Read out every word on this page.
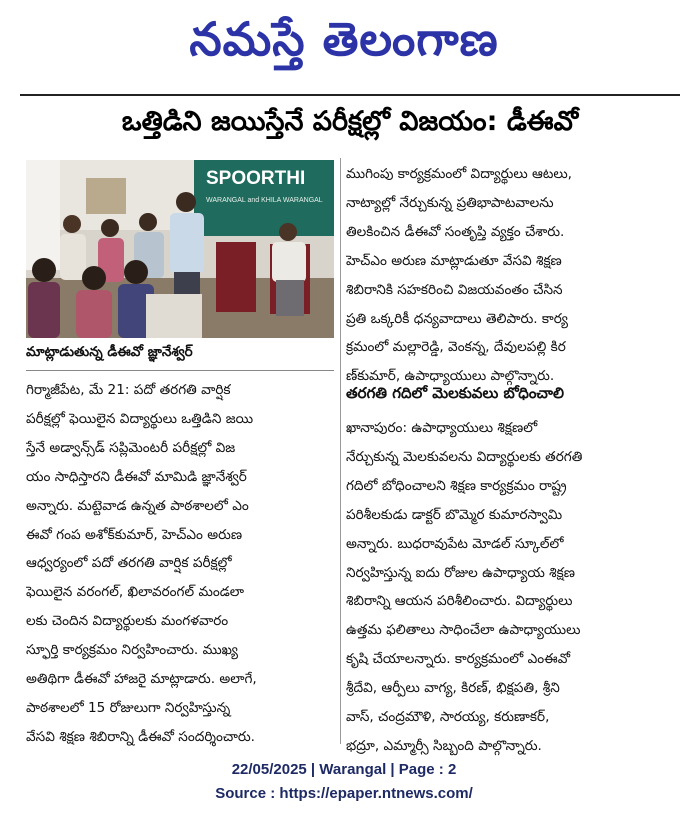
నమస్తే తెలంగాణ
ఒత్తిడిని జయిస్తేనే పరీక్షల్లో విజయం: డీఈవో
SPOORTHI
WARANGAL and KHILA WARANGAL
మాట్లాడుతున్న డీఈవో జ్ఞానేశ్వర్

గిర్మాజీపేట, మే 21: పదో తరగతి వార్షిక

పరీక్షల్లో ఫెయిలైన విద్యార్థులు ఒత్తిడిని జయి

స్తేనే అడ్వాన్స్‌డ్ సప్లిమెంటరీ పరీక్షల్లో విజ

యం సాధిస్తారని డీఈవో మామిడి జ్ఞానేశ్వర్

అన్నారు. మట్టెవాడ ఉన్నత పాఠశాలలో ఎం

ఈవో గంప అశోక్‌కుమార్, హెచ్‌ఎం అరుణ

ఆధ్వర్యంలో పదో తరగతి వార్షిక పరీక్షల్లో

ఫెయిలైన వరంగల్, ఖిలావరంగల్ మండలా

లకు చెందిన విద్యార్థులకు మంగళవారం

స్ఫూర్తి కార్యక్రమం నిర్వహించారు. ముఖ్య

అతిథిగా డీఈవో హాజరై మాట్లాడారు. అలాగే,

పాఠశాలలో 15 రోజులుగా నిర్వహిస్తున్న

వేసవి శిక్షణ శిబిరాన్ని డీఈవో సందర్శించారు.

ముగింపు కార్యక్రమంలో విద్యార్థులు ఆటలు,

నాట్యాల్లో నేర్చుకున్న ప్రతిభాపాటవాలను

తిలకించిన డీఈవో సంతృప్తి వ్యక్తం చేశారు.

హెచ్‌ఎం అరుణ మాట్లాడుతూ వేసవి శిక్షణ

శిబిరానికి సహకరించి విజయవంతం చేసిన

ప్రతి ఒక్కరికీ ధన్యవాదాలు తెలిపారు. కార్య

క్రమంలో మల్లారెడ్డి, వెంకన్న, దేవులపల్లి కిర

ణ్‌కుమార్, ఉపాధ్యాయులు పాల్గొన్నారు.

తరగతి గదిలో మెలకువలు బోధించాలి

ఖానాపురం: ఉపాధ్యాయులు శిక్షణలో

నేర్చుకున్న మెలకువలను విద్యార్థులకు తరగతి

గదిలో బోధించాలని శిక్షణ కార్యక్రమం రాష్ట్ర

పరిశీలకుడు డాక్టర్ బొమ్మెర కుమారస్వామి

అన్నారు. బుధరావుపేట మోడల్ స్కూల్‌లో

నిర్వహిస్తున్న ఐదు రోజుల ఉపాధ్యాయ శిక్షణ

శిబిరాన్ని ఆయన పరిశీలించారు. విద్యార్థులు

ఉత్తమ ఫలితాలు సాధించేలా ఉపాధ్యాయులు

కృషి చేయాలన్నారు. కార్యక్రమంలో ఎంఈవో

శ్రీదేవి, ఆర్పీలు వాగ్య, కిరణ్, భిక్షపతి, శ్రీని

వాస్, చంద్రమౌళి, సారయ్య, కరుణాకర్,

భద్రూ, ఎమ్మార్సీ సిబ్బంది పాల్గొన్నారు.

22/05/2025 | Warangal | Page : 2
Source : https://epaper.ntnews.com/
